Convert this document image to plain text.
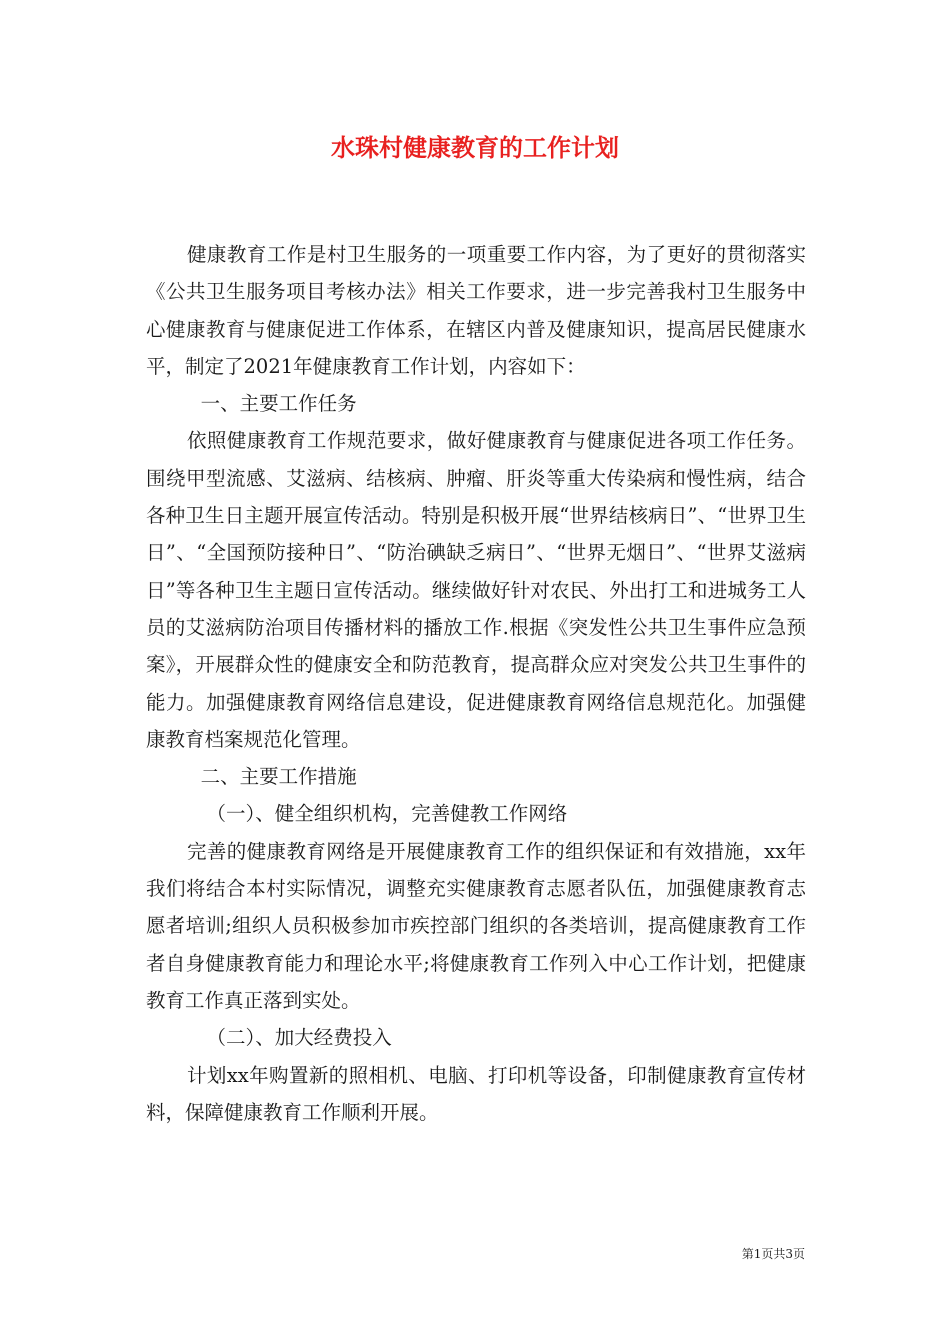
水珠村健康教育的工作计划

健康教育工作是村卫生服务的一项重要工作内容，为了更好的贯彻落实《公共卫生服务项目考核办法》相关工作要求，进一步完善我村卫生服务中心健康教育与健康促进工作体系，在辖区内普及健康知识，提高居民健康水平，制定了2021年健康教育工作计划，内容如下：

一、主要工作任务

依照健康教育工作规范要求，做好健康教育与健康促进各项工作任务。围绕甲型流感、艾滋病、结核病、肿瘤、肝炎等重大传染病和慢性病，结合各种卫生日主题开展宣传活动。特别是积极开展“世界结核病日”、“世界卫生日”、“全国预防接种日”、“防治碘缺乏病日”、“世界无烟日”、“世界艾滋病日”等各种卫生主题日宣传活动。继续做好针对农民、外出打工和进城务工人员的艾滋病防治项目传播材料的播放工作.根据《突发性公共卫生事件应急预案》，开展群众性的健康安全和防范教育，提高群众应对突发公共卫生事件的能力。加强健康教育网络信息建设，促进健康教育网络信息规范化。加强健康教育档案规范化管理。

二、主要工作措施

（一）、健全组织机构，完善健教工作网络

完善的健康教育网络是开展健康教育工作的组织保证和有效措施，xx年我们将结合本村实际情况，调整充实健康教育志愿者队伍，加强健康教育志愿者培训;组织人员积极参加市疾控部门组织的各类培训，提高健康教育工作者自身健康教育能力和理论水平;将健康教育工作列入中心工作计划，把健康教育工作真正落到实处。

（二）、加大经费投入

计划xx年购置新的照相机、电脑、打印机等设备，印制健康教育宣传材料，保障健康教育工作顺利开展。

第1页共3页
